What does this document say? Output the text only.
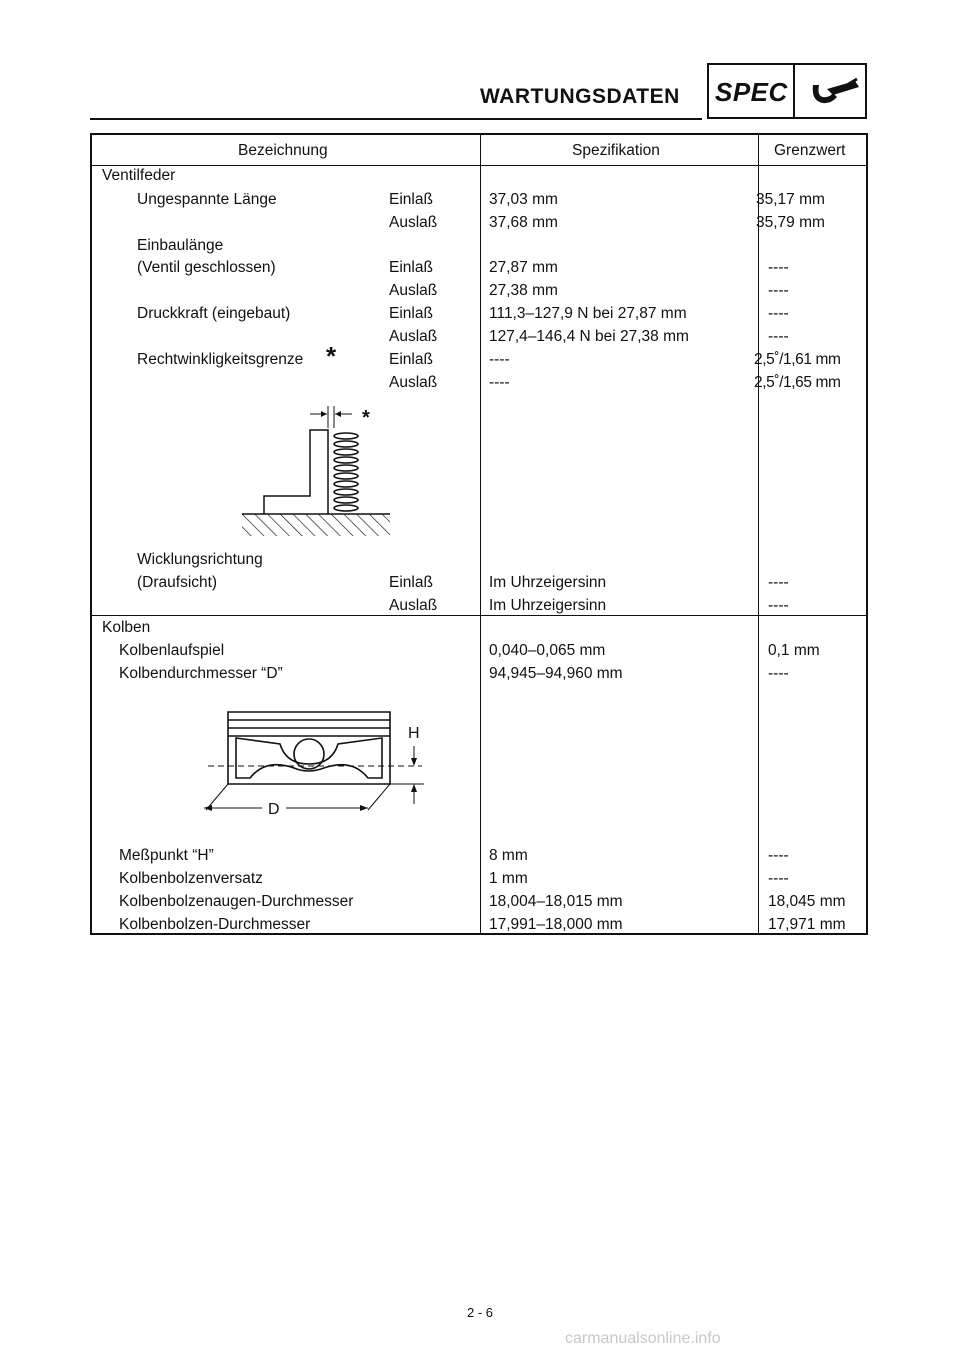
WARTUNGSDATEN SPEC
Bezeichnung	Spezifikation	Grenzwert
Ventilfeder
Ungespannte Länge	Einlaß	37,03 mm	35,17 mm
Auslaß	37,68 mm	35,79 mm
Einbaulänge
(Ventil geschlossen)	Einlaß	27,87 mm	----
Auslaß	27,38 mm	----
Druckkraft (eingebaut)	Einlaß	111,3–127,9 N bei 27,87 mm	----
Auslaß	127,4–146,4 N bei 27,38 mm	----
Rechtwinkligkeitsgrenze *	Einlaß	----	2,5˚/1,61 mm
Auslaß	----	2,5˚/1,65 mm
*
Wicklungsrichtung
(Draufsicht)	Einlaß	Im Uhrzeigersinn	----
Auslaß	Im Uhrzeigersinn	----
Kolben
Kolbenlaufspiel	0,040–0,065 mm	0,1 mm
Kolbendurchmesser “D”	94,945–94,960 mm	----
H
D
Meßpunkt “H”	8 mm	----
Kolbenbolzenversatz	1 mm	----
Kolbenbolzenaugen-Durchmesser	18,004–18,015 mm	18,045 mm
Kolbenbolzen-Durchmesser	17,991–18,000 mm	17,971 mm
2 - 6
carmanualsonline.info
